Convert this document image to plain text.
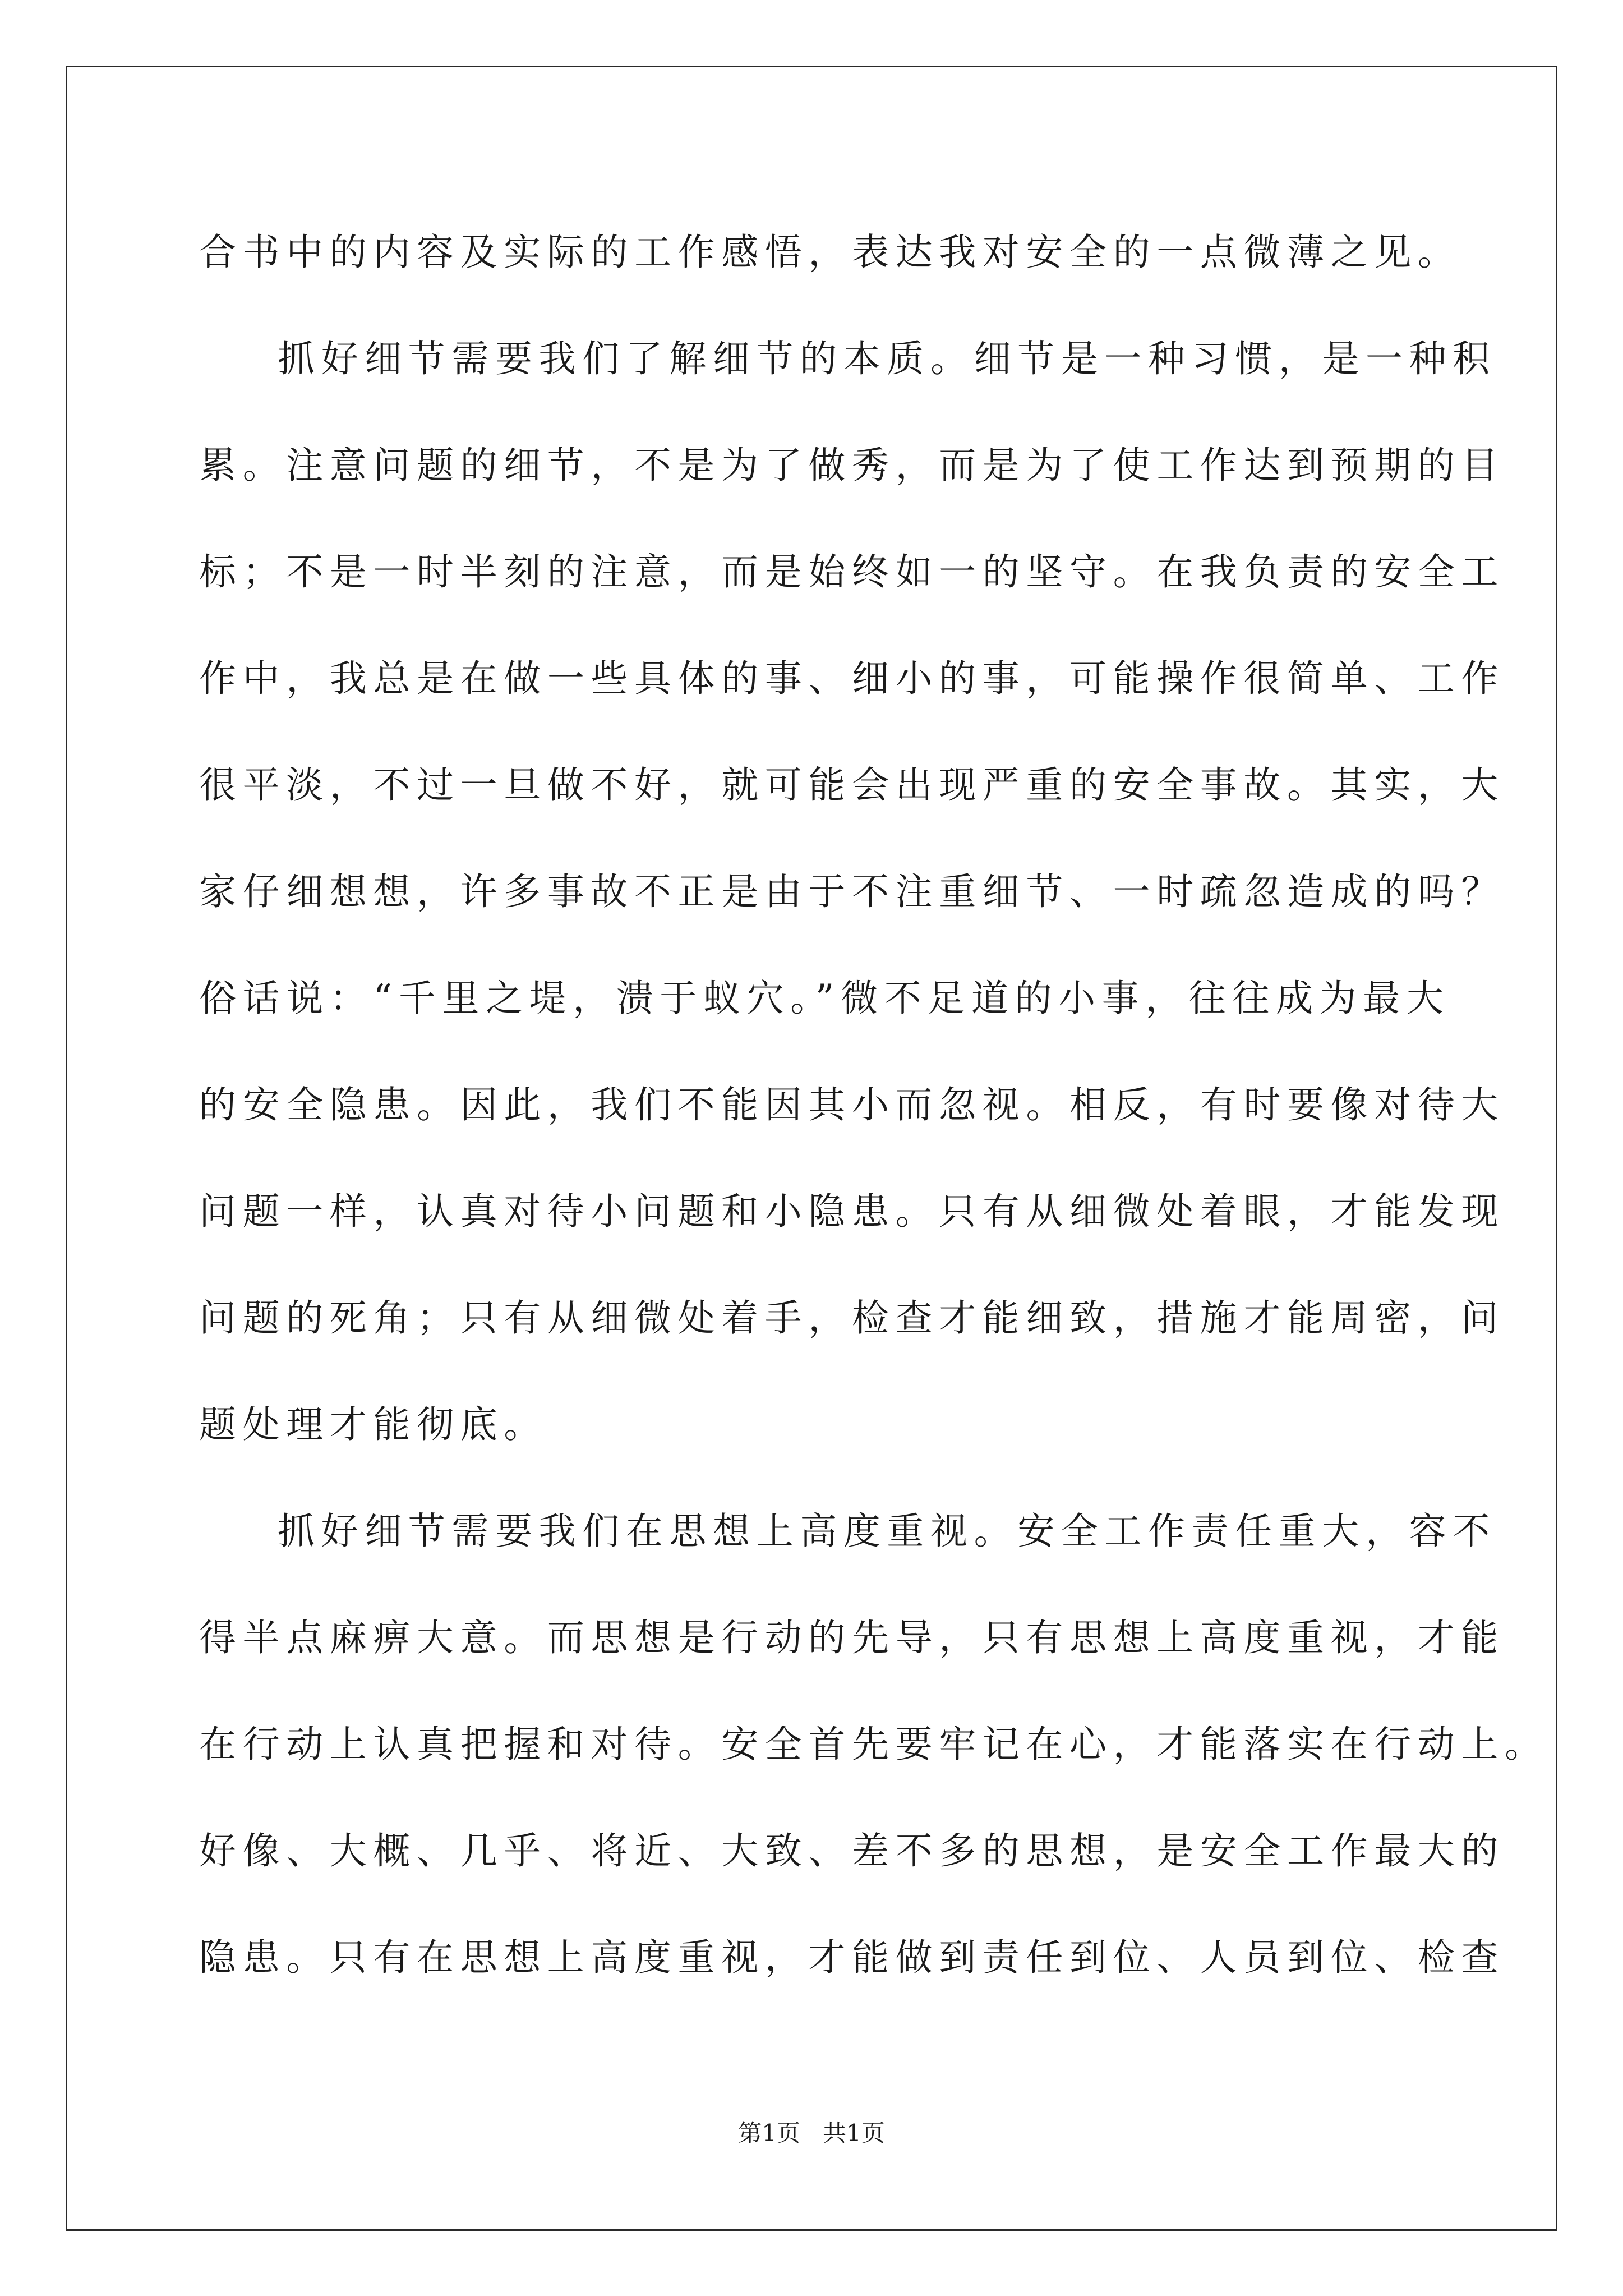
合书中的内容及实际的工作感悟，表达我对安全的一点微薄之见。
抓好细节需要我们了解细节的本质。细节是一种习惯，是一种积
累。注意问题的细节，不是为了做秀，而是为了使工作达到预期的目
标；不是一时半刻的注意，而是始终如一的坚守。在我负责的安全工
作中，我总是在做一些具体的事、细小的事，可能操作很简单、工作
很平淡，不过一旦做不好，就可能会出现严重的安全事故。其实，大
家仔细想想，许多事故不正是由于不注重细节、一时疏忽造成的吗？
俗话说：“千里之堤，溃于蚁穴。”微不足道的小事，往往成为最大
的安全隐患。因此，我们不能因其小而忽视。相反，有时要像对待大
问题一样，认真对待小问题和小隐患。只有从细微处着眼，才能发现
问题的死角；只有从细微处着手，检查才能细致，措施才能周密，问
题处理才能彻底。
抓好细节需要我们在思想上高度重视。安全工作责任重大，容不
得半点麻痹大意。而思想是行动的先导，只有思想上高度重视，才能
在行动上认真把握和对待。安全首先要牢记在心，才能落实在行动上。
好像、大概、几乎、将近、大致、差不多的思想，是安全工作最大的
隐患。只有在思想上高度重视，才能做到责任到位、人员到位、检查
第1页   共1页
